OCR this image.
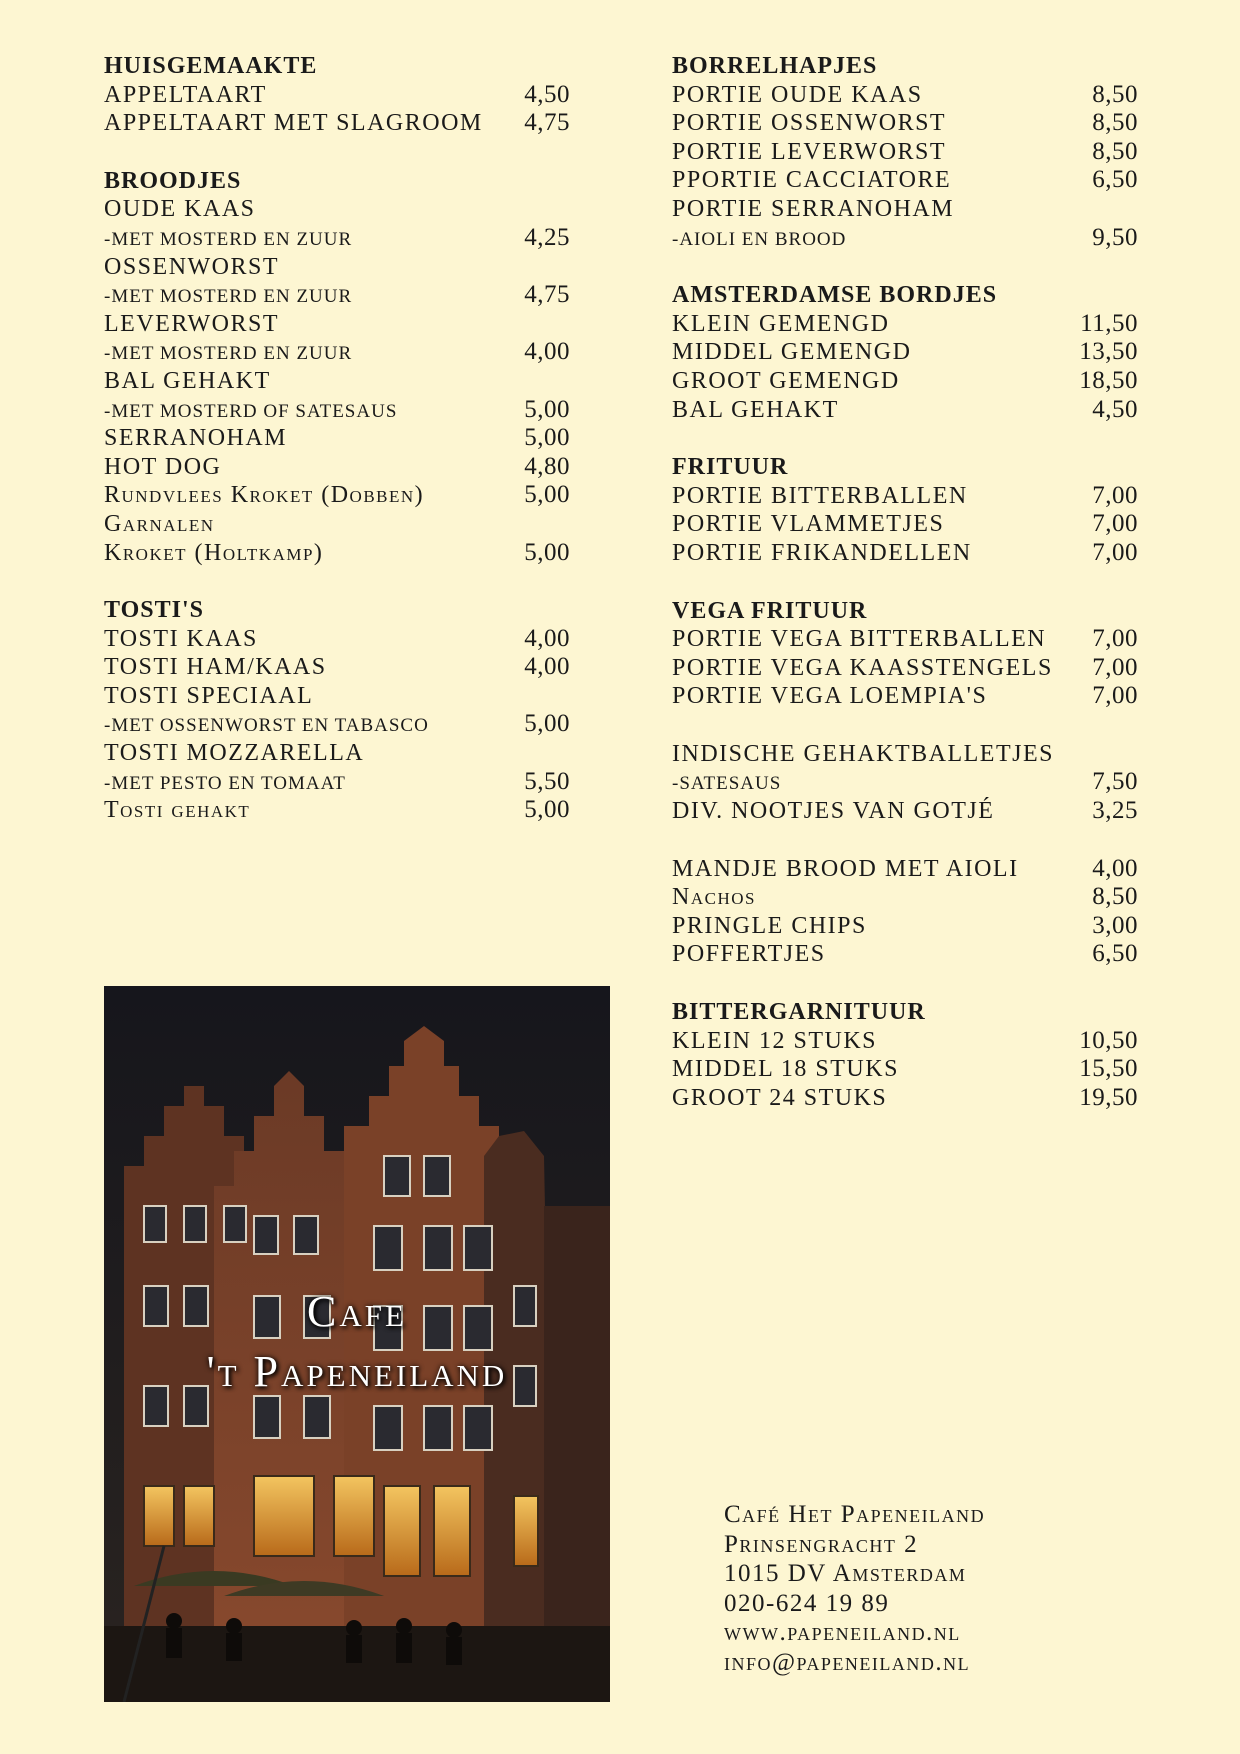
HUISGEMAAKTE
APPELTAART	4,50
APPELTAART MET SLAGROOM 4,75
BROODJES
OUDE KAAS
-MET MOSTERD EN ZUUR	4,25
OSSENWORST
-MET MOSTERD EN ZUUR	4,75
LEVERWORST
-MET MOSTERD EN ZUUR	4,00
BAL GEHAKT
-MET MOSTERD OF SATESAUS	5,00
SERRANOHAM	5,00
HOT DOG	4,80
Rundvlees Kroket (Dobben)	5,00
Garnalen
Kroket (Holtkamp)	5,00
TOSTI'S
TOSTI KAAS	4,00
TOSTI HAM/KAAS	4,00
TOSTI SPECIAAL
-MET OSSENWORST EN TABASCO	5,00
TOSTI MOZZARELLA
-MET PESTO EN TOMAAT	5,50
Tosti gehakt	5,00
BORRELHAPJES
PORTIE OUDE KAAS	8,50
PORTIE OSSENWORST	8,50
PORTIE LEVERWORST	8,50
PPORTIE CACCIATORE	6,50
PORTIE SERRANOHAM
-AIOLI EN BROOD	9,50
AMSTERDAMSE BORDJES
KLEIN GEMENGD	11,50
MIDDEL GEMENGD	13,50
GROOT GEMENGD	18,50
BAL GEHAKT	4,50
FRITUUR
PORTIE BITTERBALLEN	7,00
PORTIE VLAMMETJES	7,00
PORTIE FRIKANDELLEN	7,00
VEGA FRITUUR
PORTIE VEGA BITTERBALLEN 7,00
PORTIE VEGA KAASSTENGELS 7,00
PORTIE VEGA LOEMPIA'S	7,00
INDISCHE GEHAKTBALLETJES
-SATESAUS	7,50
DIV. NOOTJES VAN GOTJÉ	3,25
MANDJE BROOD MET AIOLI	4,00
Nachos	8,50
PRINGLE CHIPS	3,00
POFFERTJES	6,50
BITTERGARNITUUR
KLEIN 12 STUKS	10,50
MIDDEL 18 STUKS	15,50
GROOT 24 STUKS	19,50
Cafe
't Papeneiland
Café Het Papeneiland
Prinsengracht 2
1015 DV Amsterdam
020-624 19 89
www.papeneiland.nl
info@papeneiland.nl
